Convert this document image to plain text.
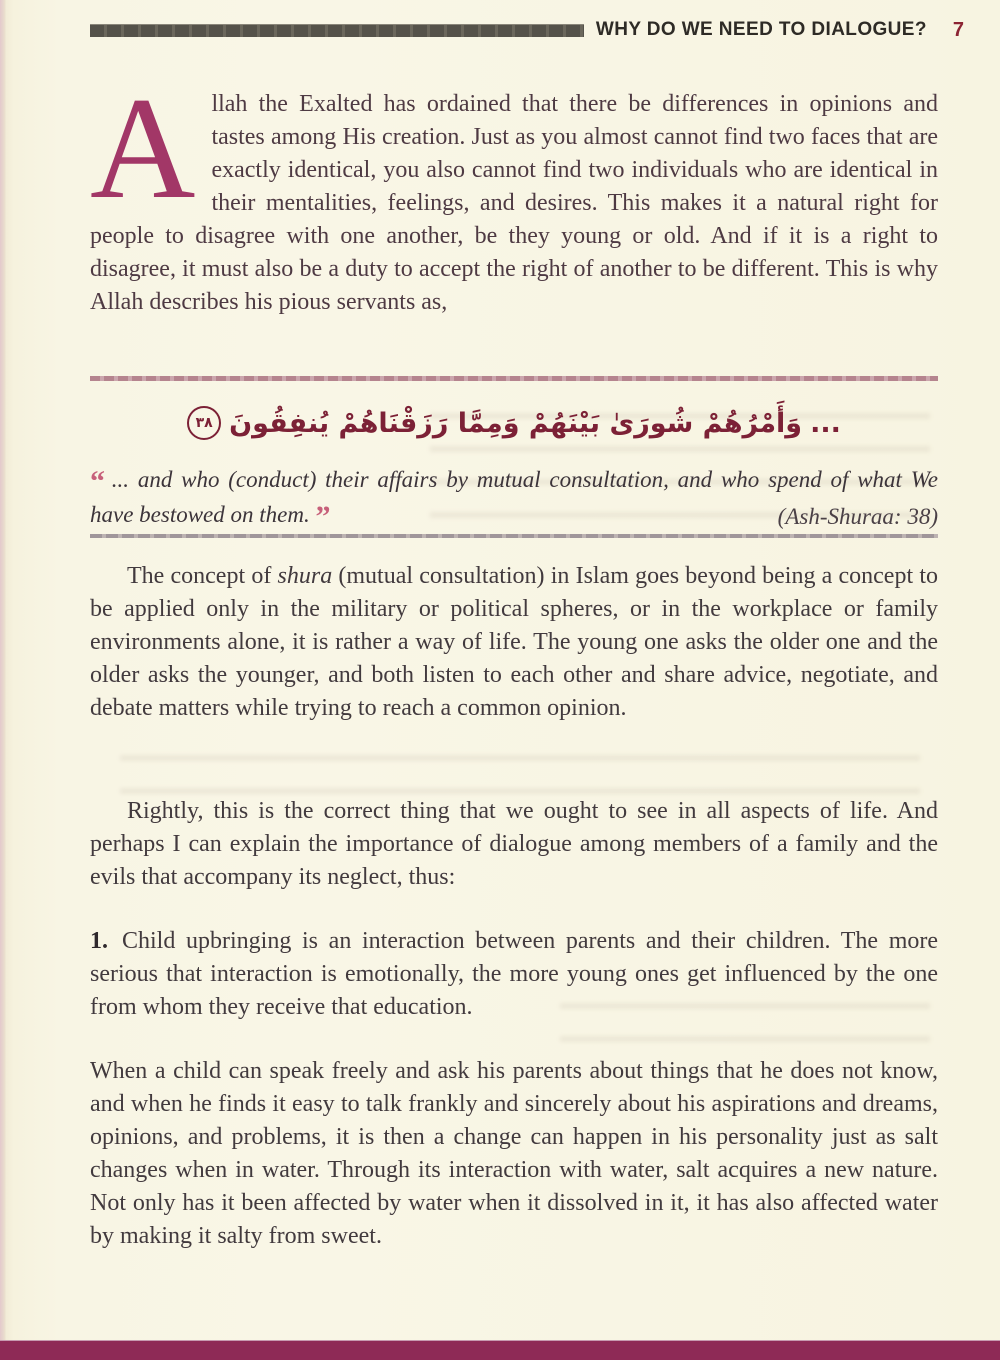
WHY DO WE NEED TO DIALOGUE? 7
Allah the Exalted has ordained that there be differences in opinions and tastes among His creation. Just as you almost cannot find two faces that are exactly identical, you also cannot find two individuals who are identical in their mentalities, feelings, and desires. This makes it a natural right for people to disagree with one another, be they young or old. And if it is a right to disagree, it must also be a duty to accept the right of another to be different. This is why Allah describes his pious servants as,
...
وَأَمْرُهُمْ شُورَىٰ بَيْنَهُمْ وَمِمَّا رَزَقْنَاهُمْ يُنفِقُونَ
٣٨
“ ... and who (conduct) their affairs by mutual consultation, and who spend of what We have bestowed on them. ”	(Ash-Shuraa: 38)
The concept of shura (mutual consultation) in Islam goes beyond being a concept to be applied only in the military or political spheres, or in the workplace or family environments alone, it is rather a way of life. The young one asks the older one and the older asks the younger, and both listen to each other and share advice, negotiate, and debate matters while trying to reach a common opinion.
Rightly, this is the correct thing that we ought to see in all aspects of life. And perhaps I can explain the importance of dialogue among members of a family and the evils that accompany its neglect, thus:
1. Child upbringing is an interaction between parents and their children. The more serious that interaction is emotionally, the more young ones get influenced by the one from whom they receive that education.
When a child can speak freely and ask his parents about things that he does not know, and when he finds it easy to talk frankly and sincerely about his aspirations and dreams, opinions, and problems, it is then a change can happen in his personality just as salt changes when in water. Through its interaction with water, salt acquires a new nature. Not only has it been affected by water when it dissolved in it, it has also affected water by making it salty from sweet.
